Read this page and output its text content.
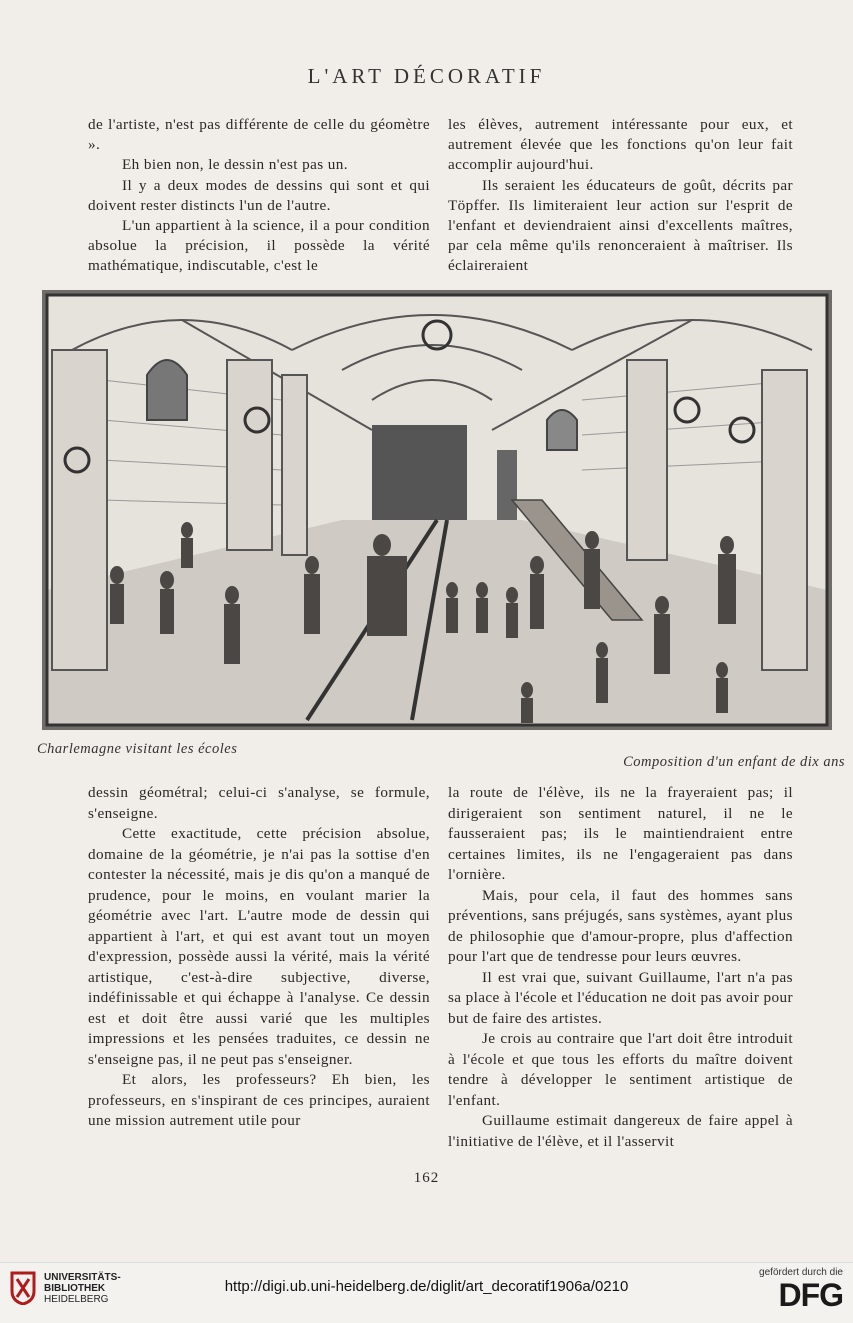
L'ART DÉCORATIF

de l'artiste, n'est pas différente de celle du géomètre ».

Eh bien non, le dessin n'est pas un.

Il y a deux modes de dessins qui sont et qui doivent rester distincts l'un de l'autre.

L'un appartient à la science, il a pour condition absolue la précision, il possède la vérité mathématique, indiscutable, c'est le

les élèves, autrement intéressante pour eux, et autrement élevée que les fonctions qu'on leur fait accomplir aujourd'hui.

Ils seraient les éducateurs de goût, décrits par Töpffer. Ils limiteraient leur action sur l'esprit de l'enfant et deviendraient ainsi d'excellents maîtres, par cela même qu'ils renonceraient à maîtriser. Ils éclaireraient

Charlemagne visitant les écoles
Composition d'un enfant de dix ans

dessin géométral; celui-ci s'analyse, se formule, s'enseigne.

Cette exactitude, cette précision absolue, domaine de la géométrie, je n'ai pas la sottise d'en contester la nécessité, mais je dis qu'on a manqué de prudence, pour le moins, en voulant marier la géométrie avec l'art. L'autre mode de dessin qui appartient à l'art, et qui est avant tout un moyen d'expression, possède aussi la vérité, mais la vérité artistique, c'est-à-dire subjective, diverse, indéfinissable et qui échappe à l'analyse. Ce dessin est et doit être aussi varié que les multiples impressions et les pensées traduites, ce dessin ne s'enseigne pas, il ne peut pas s'enseigner.

Et alors, les professeurs? Eh bien, les professeurs, en s'inspirant de ces principes, auraient une mission autrement utile pour

la route de l'élève, ils ne la frayeraient pas; il dirigeraient son sentiment naturel, il ne le fausseraient pas; ils le maintiendraient entre certaines limites, ils ne l'engageraient pas dans l'ornière.

Mais, pour cela, il faut des hommes sans préventions, sans préjugés, sans systèmes, ayant plus de philosophie que d'amour-propre, plus d'affection pour l'art que de tendresse pour leurs œuvres.

Il est vrai que, suivant Guillaume, l'art n'a pas sa place à l'école et l'éducation ne doit pas avoir pour but de faire des artistes.

Je crois au contraire que l'art doit être introduit à l'école et que tous les efforts du maître doivent tendre à développer le sentiment artistique de l'enfant.

Guillaume estimait dangereux de faire appel à l'initiative de l'élève, et il l'asservit

162
UNIVERSITÄTS-
BIBLIOTHEK
HEIDELBERG
http://digi.ub.uni-heidelberg.de/diglit/art_decoratif1906a/0210
gefördert durch die
DFG
